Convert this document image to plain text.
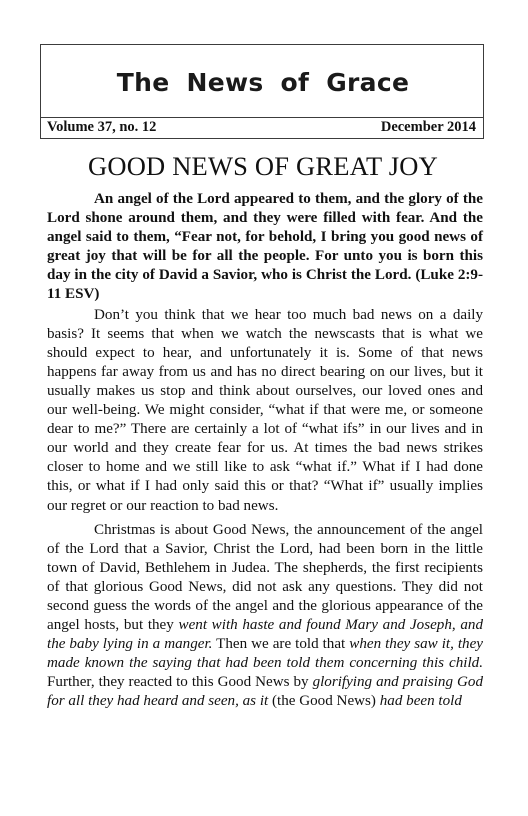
The News of Grace

Volume 37, no. 12	December 2014

GOOD NEWS OF GREAT JOY

An angel of the Lord appeared to them, and the glory of the Lord shone around them, and they were filled with fear. And the angel said to them, “Fear not, for behold, I bring you good news of great joy that will be for all the people. For unto you is born this day in the city of David a Savior, who is Christ the Lord. (Luke 2:9-11 ESV)

Don’t you think that we hear too much bad news on a daily basis? It seems that when we watch the newscasts that is what we should expect to hear, and unfortunately it is. Some of that news happens far away from us and has no direct bearing on our lives, but it usually makes us stop and think about ourselves, our loved ones and our well-being. We might consider, “what if that were me, or someone dear to me?” There are certainly a lot of “what ifs” in our lives and in our world and they create fear for us. At times the bad news strikes closer to home and we still like to ask “what if.” What if I had done this, or what if I had only said this or that? “What if” usually implies our regret or our reaction to bad news.

Christmas is about Good News, the announcement of the angel of the Lord that a Savior, Christ the Lord, had been born in the little town of David, Bethlehem in Judea. The shepherds, the first recipients of that glorious Good News, did not ask any questions. They did not second guess the words of the angel and the glorious appearance of the angel hosts, but they went with haste and found Mary and Joseph, and the baby lying in a manger. Then we are told that when they saw it, they made known the saying that had been told them concerning this child. Further, they reacted to this Good News by glorifying and praising God for all they had heard and seen, as it (the Good News) had been told
